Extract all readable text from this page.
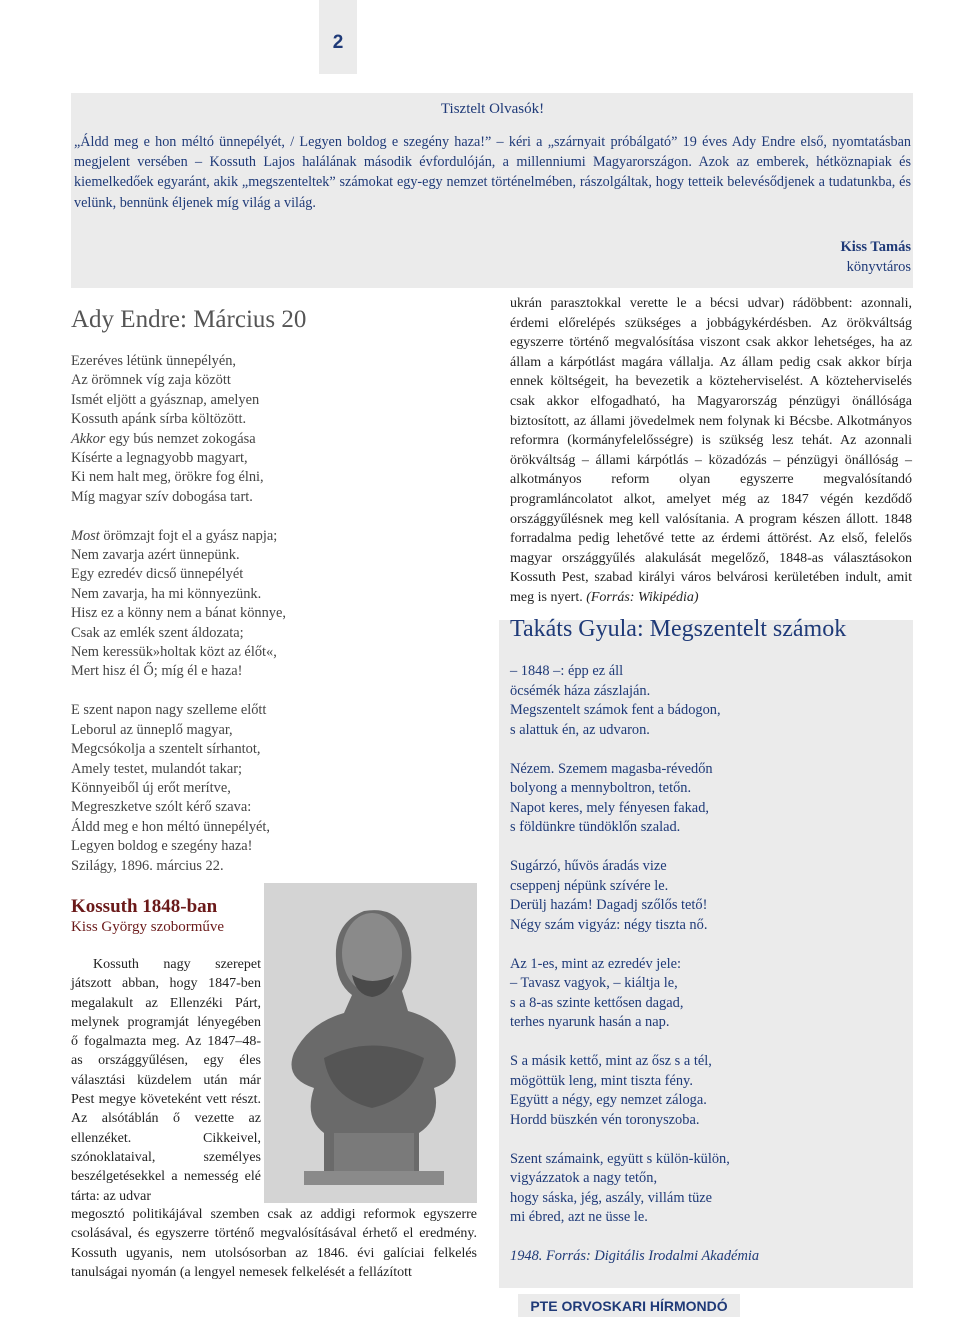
2

Tisztelt Olvasók!

„Áldd meg e hon méltó ünnepélyét, / Legyen boldog e szegény haza!” – kéri a „szárnyait próbálgató” 19 éves Ady Endre első, nyomtatásban megjelent versében – Kossuth Lajos halálának második évfordulóján, a millenniumi Magyarországon. Azok az emberek, hétköznapiak és kiemelkedőek egyaránt, akik „megszenteltek” számokat egy-egy nemzet történelmében, rászolgáltak, hogy tetteik belevésődjenek a tudatunkba, és velünk, bennünk éljenek míg világ a világ.

Kiss Tamás
könyvtáros
Ady Endre: Március 20
Ezeréves létünk ünnepélyén,
Az örömnek víg zaja között
Ismét eljött a gyásznap, amelyen
Kossuth apánk sírba költözött.
Akkor egy bús nemzet zokogása
Kísérte a legnagyobb magyart,
Ki nem halt meg, örökre fog élni,
Míg magyar szív dobogása tart.
Most örömzajt fojt el a gyász napja;
Nem zavarja azért ünnepünk.
Egy ezredév dicső ünnepélyét
Nem zavarja, ha mi könnyezünk.
Hisz ez a könny nem a bánat könnye,
Csak az emlék szent áldozata;
Nem keressük»holtak közt az élőt«,
Mert hisz él Ő; míg él e haza!
E szent napon nagy szelleme előtt
Leborul az ünneplő magyar,
Megcsókolja a szentelt sírhantot,
Amely testet, mulandót takar;
Könnyeiből új erőt merítve,
Megreszketve szólt kérő szava:
Áldd meg e hon méltó ünnepélyét,
Legyen boldog e szegény haza!
Szilágy, 1896. március 22.
Kossuth 1848-ban
Kiss György szoborműve
Kossuth nagy szerepet játszott abban, hogy 1847-ben megalakult az Ellenzéki Párt, melynek programját lényegében ő fogalmazta meg. Az 1847–48-as országgyűlésen, egy éles választási küzdelem után már Pest megye követeként vett részt. Az alsótáblán ő vezette az ellenzéket. Cikkeivel, szónoklataival, személyes beszélgetésekkel a nemesség elé tárta: az udvar
megosztó politikájával szemben csak az addigi reformok egyszerre csolásával, és egyszerre történő megvalósításával érhető el eredmény. Kossuth ugyanis, nem utolsósorban az 1846. évi galíciai felkelés tanulságai nyomán (a lengyel nemesek felkelését a fellázított
ukrán parasztokkal verette le a bécsi udvar) rádöbbent: azonnali, érdemi előrelépés szükséges a jobbágykérdésben. Az örökváltság egyszerre történő megvalósítása viszont csak akkor lehetséges, ha az állam a kárpótlást magára vállalja. Az állam pedig csak akkor bírja ennek költségeit, ha bevezetik a közteherviselést. A közteherviselés csak akkor elfogadható, ha Magyarország pénzügyi önállósága biztosított, az állami jövedelmek nem folynak ki Bécsbe. Alkotmányos reformra (kormányfelelősségre) is szükség lesz tehát. Az azonnali örökváltság – állami kárpótlás – közadózás – pénzügyi önállóság – alkotmányos reform olyan egyszerre megvalósítandó programláncolatot alkot, amelyet még az 1847 végén kezdődő országgyűlésnek meg kell valósítania. A program készen állott. 1848 forradalma pedig lehetővé tette az érdemi áttörést. Az első, felelős magyar országgyűlés alakulását megelőző, 1848-as választásokon Kossuth Pest, szabad királyi város belvárosi kerületében indult, amit meg is nyert. (Forrás: Wikipédia)
Takáts Gyula: Megszentelt számok
– 1848 –: épp ez áll
öcsémék háza zászlaján.
Megszentelt számok fent a bádogon,
s alattuk én, az udvaron.
Nézem. Szemem magasba-révedőn
bolyong a mennyboltron, tetőn.
Napot keres, mely fényesen fakad,
s földünkre tündöklőn szalad.
Sugárzó, hűvös áradás vize
cseppenj népünk szívére le.
Derülj hazám! Dagadj szőlős tető!
Négy szám vigyáz: négy tiszta nő.
Az 1-es, mint az ezredév jele:
– Tavasz vagyok, – kiáltja le,
s a 8-as szinte kettősen dagad,
terhes nyarunk hasán a nap.
S a másik kettő, mint az ősz s a tél,
mögöttük leng, mint tiszta fény.
Együtt a négy, egy nemzet zálogа.
Hordd büszkén vén toronyszoba.
Szent számaink, együtt s külön-külön,
vigyázzatok a nagy tetőn,
hogy sáska, jég, aszály, villám tüze
mi ébred, azt ne üsse le.
1948. Forrás: Digitális Irodalmi Akadémia
PTE ORVOSKARI HÍRMONDÓ
